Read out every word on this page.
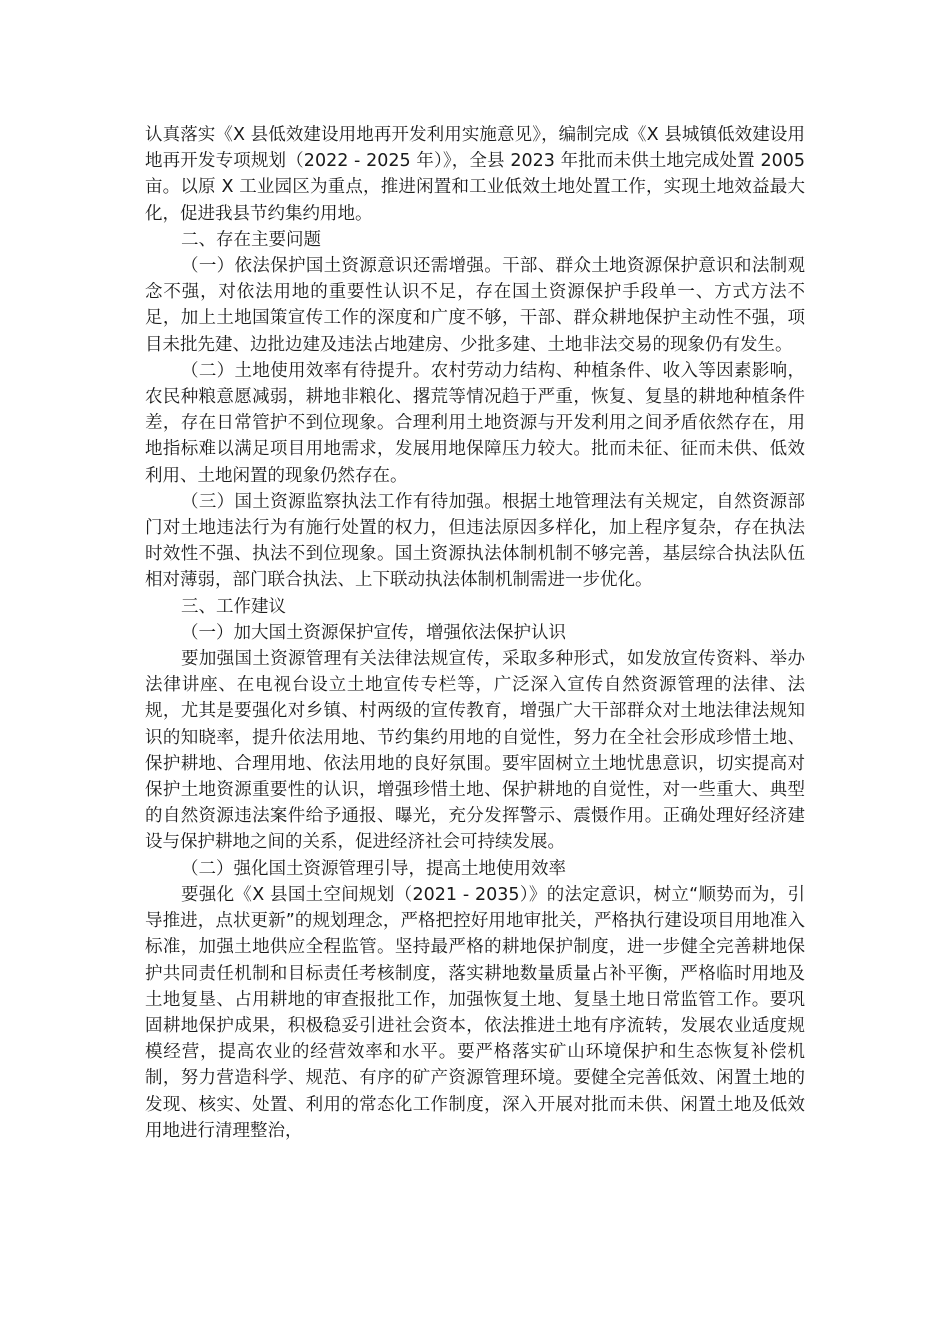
认真落实《X 县低效建设用地再开发利用实施意见》，编制完成《X 县城镇低效建设用地再开发专项规划（2022 - 2025 年）》，全县 2023 年批而未供土地完成处置 2005 亩。以原 X 工业园区为重点，推进闲置和工业低效土地处置工作，实现土地效益最大化，促进我县节约集约用地。

二、存在主要问题

（一）依法保护国土资源意识还需增强。干部、群众土地资源保护意识和法制观念不强，对依法用地的重要性认识不足，存在国土资源保护手段单一、方式方法不足，加上土地国策宣传工作的深度和广度不够，干部、群众耕地保护主动性不强，项目未批先建、边批边建及违法占地建房、少批多建、土地非法交易的现象仍有发生。

（二）土地使用效率有待提升。农村劳动力结构、种植条件、收入等因素影响，农民种粮意愿减弱，耕地非粮化、撂荒等情况趋于严重，恢复、复垦的耕地种植条件差，存在日常管护不到位现象。合理利用土地资源与开发利用之间矛盾依然存在，用地指标难以满足项目用地需求，发展用地保障压力较大。批而未征、征而未供、低效利用、土地闲置的现象仍然存在。

（三）国土资源监察执法工作有待加强。根据土地管理法有关规定，自然资源部门对土地违法行为有施行处置的权力，但违法原因多样化，加上程序复杂，存在执法时效性不强、执法不到位现象。国土资源执法体制机制不够完善，基层综合执法队伍相对薄弱，部门联合执法、上下联动执法体制机制需进一步优化。

三、工作建议

（一）加大国土资源保护宣传，增强依法保护认识

要加强国土资源管理有关法律法规宣传，采取多种形式，如发放宣传资料、举办法律讲座、在电视台设立土地宣传专栏等，广泛深入宣传自然资源管理的法律、法规，尤其是要强化对乡镇、村两级的宣传教育，增强广大干部群众对土地法律法规知识的知晓率，提升依法用地、节约集约用地的自觉性，努力在全社会形成珍惜土地、保护耕地、合理用地、依法用地的良好氛围。要牢固树立土地忧患意识，切实提高对保护土地资源重要性的认识，增强珍惜土地、保护耕地的自觉性，对一些重大、典型的自然资源违法案件给予通报、曝光，充分发挥警示、震慑作用。正确处理好经济建设与保护耕地之间的关系，促进经济社会可持续发展。

（二）强化国土资源管理引导，提高土地使用效率

要强化《X 县国土空间规划（2021 - 2035）》的法定意识，树立“顺势而为，引导推进，点状更新”的规划理念，严格把控好用地审批关，严格执行建设项目用地准入标准，加强土地供应全程监管。坚持最严格的耕地保护制度，进一步健全完善耕地保护共同责任机制和目标责任考核制度，落实耕地数量质量占补平衡，严格临时用地及土地复垦、占用耕地的审查报批工作，加强恢复土地、复垦土地日常监管工作。要巩固耕地保护成果，积极稳妥引进社会资本，依法推进土地有序流转，发展农业适度规模经营，提高农业的经营效率和水平。要严格落实矿山环境保护和生态恢复补偿机制，努力营造科学、规范、有序的矿产资源管理环境。要健全完善低效、闲置土地的发现、核实、处置、利用的常态化工作制度，深入开展对批而未供、闲置土地及低效用地进行清理整治，
